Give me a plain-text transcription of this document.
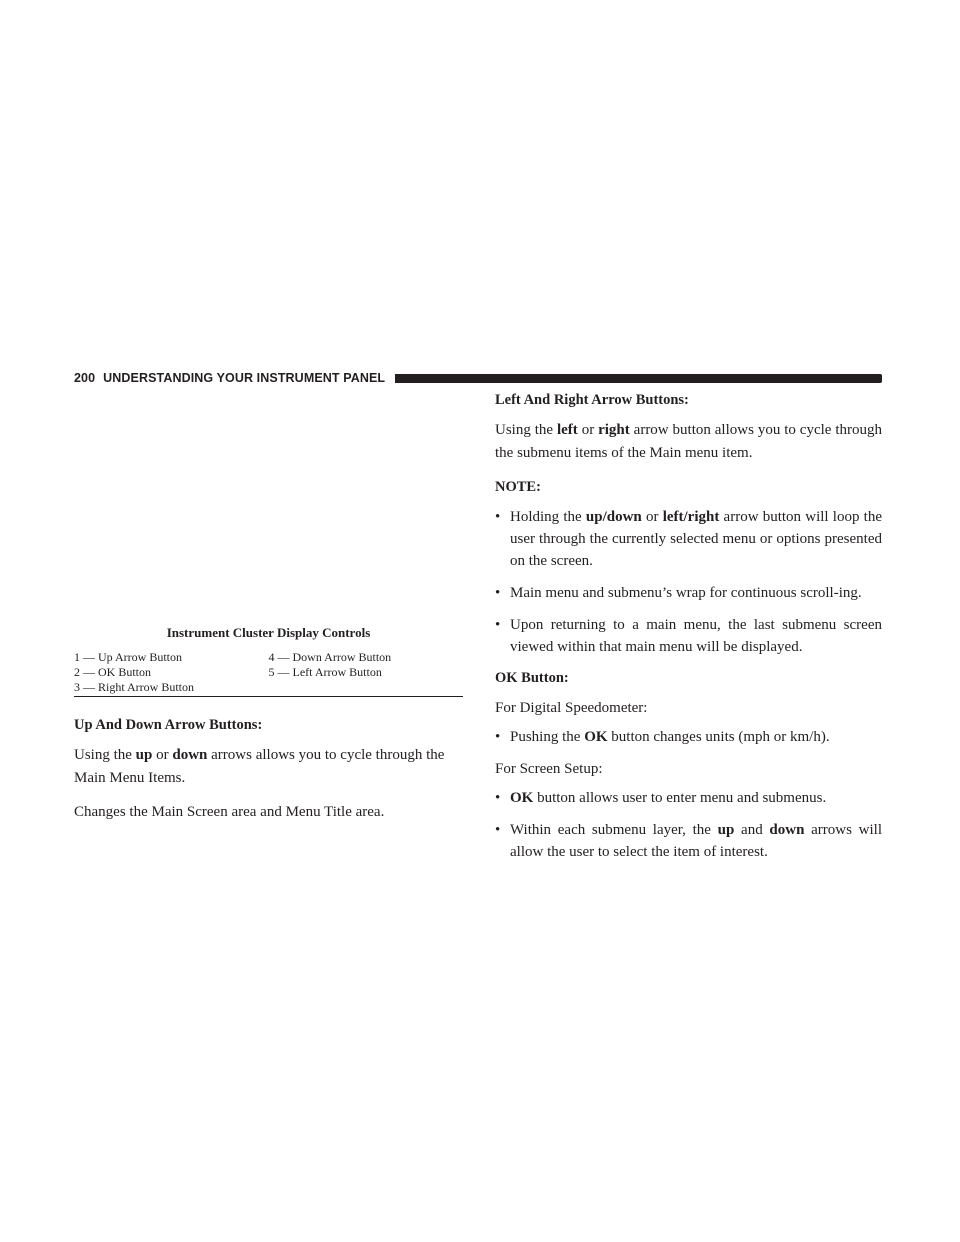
200 UNDERSTANDING YOUR INSTRUMENT PANEL
Instrument Cluster Display Controls
1 — Up Arrow Button	4 — Down Arrow Button
2 — OK Button	5 — Left Arrow Button
3 — Right Arrow Button
Up And Down Arrow Buttons:
Using the up or down arrows allows you to cycle through the Main Menu Items.
Changes the Main Screen area and Menu Title area.
Left And Right Arrow Buttons:
Using the left or right arrow button allows you to cycle through the submenu items of the Main menu item.
NOTE:
• Holding the up/down or left/right arrow button will loop the user through the currently selected menu or options presented on the screen.
• Main menu and submenu’s wrap for continuous scroll-ing.
• Upon returning to a main menu, the last submenu screen viewed within that main menu will be displayed.
OK Button:
For Digital Speedometer:
• Pushing the OK button changes units (mph or km/h).
For Screen Setup:
• OK button allows user to enter menu and submenus.
• Within each submenu layer, the up and down arrows will allow the user to select the item of interest.
